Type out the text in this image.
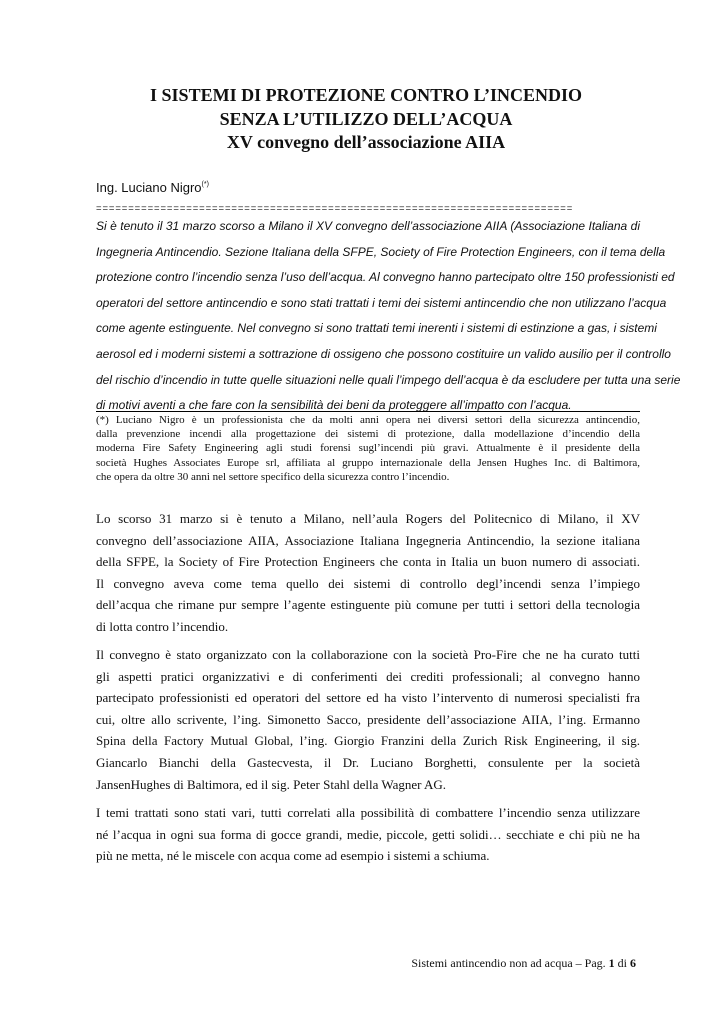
I SISTEMI DI PROTEZIONE CONTRO L’INCENDIO
SENZA L’UTILIZZO DELL’ACQUA
XV convegno dell’associazione AIIA
Ing. Luciano Nigro(*)
==========================================================================
Si è tenuto il 31 marzo scorso a Milano il XV convegno dell’associazione AIIA (Associazione Italiana di
Ingegneria Antincendio. Sezione Italiana della SFPE, Society of Fire Protection Engineers, con il tema della
protezione contro l’incendio senza l’uso dell’acqua. Al convegno hanno partecipato oltre 150 professionisti ed
operatori del settore antincendio e sono stati trattati i temi dei sistemi antincendio che non utilizzano l’acqua
come agente estinguente. Nel convegno si sono trattati temi inerenti i sistemi di estinzione a gas, i sistemi
aerosol ed i moderni sistemi a sottrazione di ossigeno che possono costituire un valido ausilio per il controllo
del rischio d’incendio in tutte quelle situazioni nelle quali l’impego dell’acqua è da escludere per tutta una serie
di motivi aventi a che fare con la sensibilità dei beni da proteggere all’impatto con l’acqua.
(*) Luciano Nigro è un professionista che da molti anni opera nei diversi settori della sicurezza antincendio,
dalla prevenzione incendi alla progettazione dei sistemi di protezione, dalla modellazione d’incendio della
moderna Fire Safety Engineering agli studi forensi sugl’incendi più gravi. Attualmente è il presidente della
società Hughes Associates Europe srl, affiliata al gruppo internazionale della Jensen Hughes Inc. di Baltimora,
che opera da oltre 30 anni nel settore specifico della sicurezza contro l’incendio.
Lo scorso 31 marzo si è tenuto a Milano, nell’aula Rogers del Politecnico di Milano, il XV
convegno dell’associazione AIIA, Associazione Italiana Ingegneria Antincendio, la sezione italiana
della SFPE, la Society of Fire Protection Engineers che conta in Italia un buon numero di associati.
Il convegno aveva come tema quello dei sistemi di controllo degl’incendi senza l’impiego
dell’acqua che rimane pur sempre l’agente estinguente più comune per tutti i settori della tecnologia
di lotta contro l’incendio.
Il convegno è stato organizzato con la collaborazione con la società Pro-Fire che ne ha curato tutti
gli aspetti pratici organizzativi e di conferimenti dei crediti professionali; al convegno hanno
partecipato professionisti ed operatori del settore ed ha visto l’intervento di numerosi specialisti fra
cui, oltre allo scrivente, l’ing. Simonetto Sacco, presidente dell’associazione AIIA, l’ing. Ermanno
Spina della Factory Mutual Global, l’ing. Giorgio Franzini della Zurich Risk Engineering, il sig.
Giancarlo Bianchi della Gastecvesta, il Dr. Luciano Borghetti, consulente per la società
JansenHughes di Baltimora, ed il sig. Peter Stahl della Wagner AG.
I temi trattati sono stati vari, tutti correlati alla possibilità di combattere l’incendio senza utilizzare
né l’acqua in ogni sua forma di gocce grandi, medie, piccole, getti solidi… secchiate e chi più ne ha
più ne metta, né le miscele con acqua come ad esempio i sistemi a schiuma.
Sistemi antincendio non ad acqua – Pag. 1 di 6
